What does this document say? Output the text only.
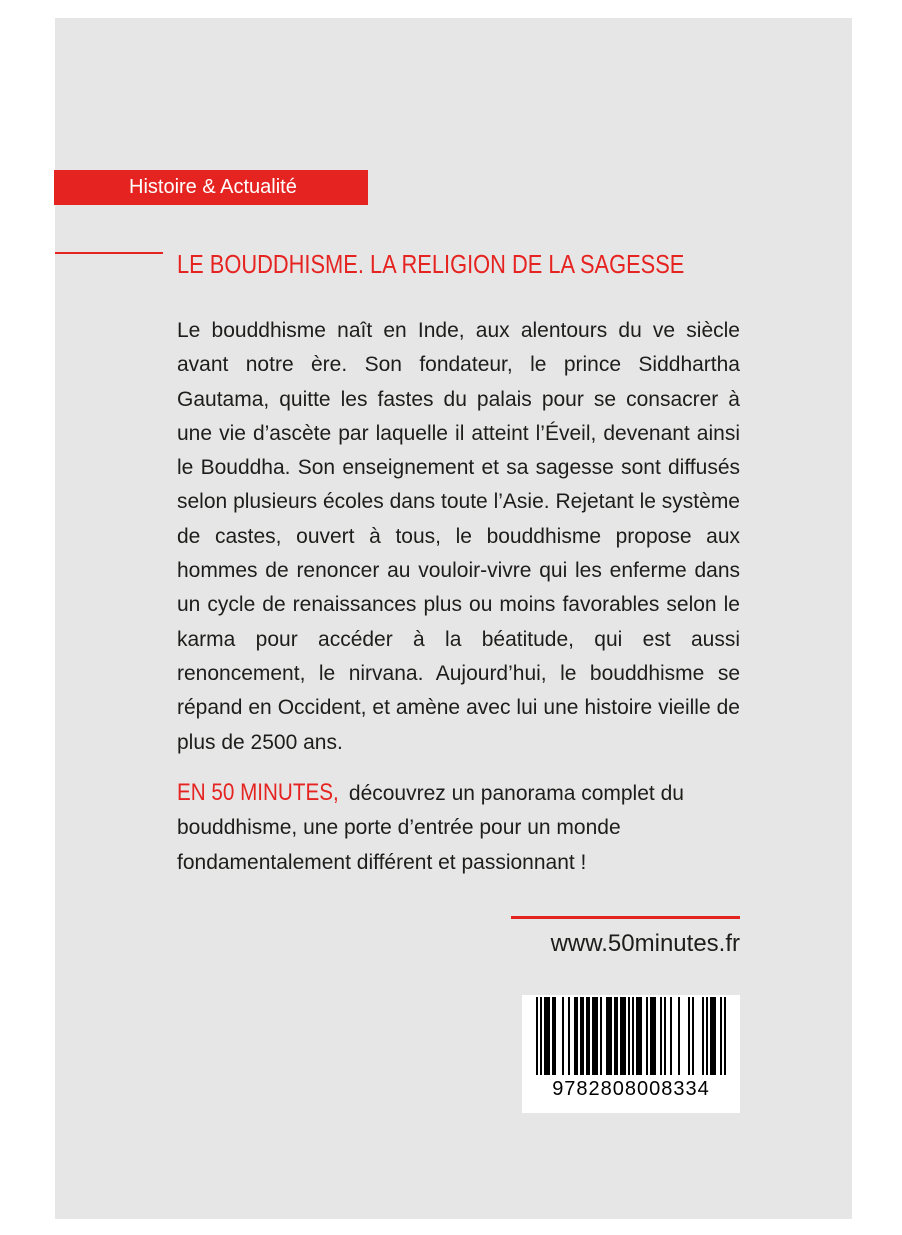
Histoire & Actualité
LE BOUDDHISME. LA RELIGION DE LA SAGESSE

Le bouddhisme naît en Inde, aux alentours du ve siècle avant notre ère. Son fondateur, le prince Siddhartha Gautama, quitte les fastes du palais pour se consacrer à une vie d’ascète par laquelle il atteint l’Éveil, devenant ainsi le Bouddha. Son enseignement et sa sagesse sont diffusés selon plusieurs écoles dans toute l’Asie. Rejetant le système de castes, ouvert à tous, le bouddhisme propose aux hommes de renoncer au vouloir-vivre qui les enferme dans un cycle de renaissances plus ou moins favorables selon le karma pour accéder à la béatitude, qui est aussi renoncement, le nirvana. Aujourd’hui, le bouddhisme se répand en Occident, et amène avec lui une histoire vieille de plus de 2500 ans.

EN 50 MINUTES, découvrez un panorama complet du bouddhisme, une porte d’entrée pour un monde fondamentalement différent et passionnant !

www.50minutes.fr
9782808008334
